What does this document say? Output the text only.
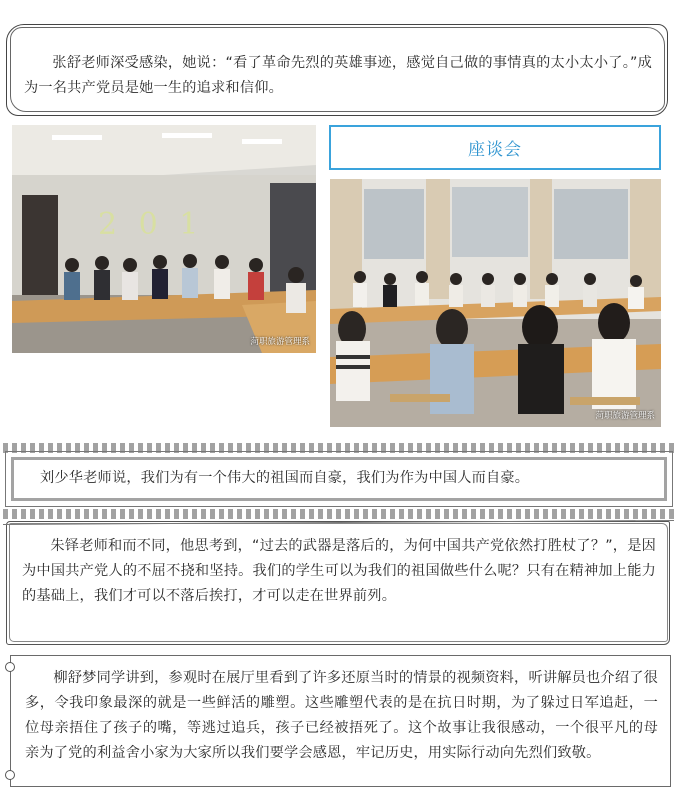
张舒老师深受感染，她说：“看了革命先烈的英雄事迹，感觉自己做的事情真的太小太小了。”成为一名共产党员是她一生的追求和信仰。

2 0 1
菏职旅游管理系
座谈会
菏职旅游管理系

刘少华老师说，我们为有一个伟大的祖国而自豪，我们为作为中国人而自豪。

朱铎老师和而不同，他思考到，“过去的武器是落后的，为何中国共产党依然打胜杖了？”，是因为中国共产党人的不屈不挠和坚持。我们的学生可以为我们的祖国做些什么呢？只有在精神加上能力的基础上，我们才可以不落后挨打，才可以走在世界前列。

柳舒梦同学讲到，参观时在展厅里看到了许多还原当时的情景的视频资料，听讲解员也介绍了很多，令我印象最深的就是一些鲜活的雕塑。这些雕塑代表的是在抗日时期，为了躲过日军追赶，一位母亲捂住了孩子的嘴，等逃过追兵，孩子已经被捂死了。这个故事让我很感动，一个很平凡的母亲为了党的利益舍小家为大家所以我们要学会感恩，牢记历史，用实际行动向先烈们致敬。
